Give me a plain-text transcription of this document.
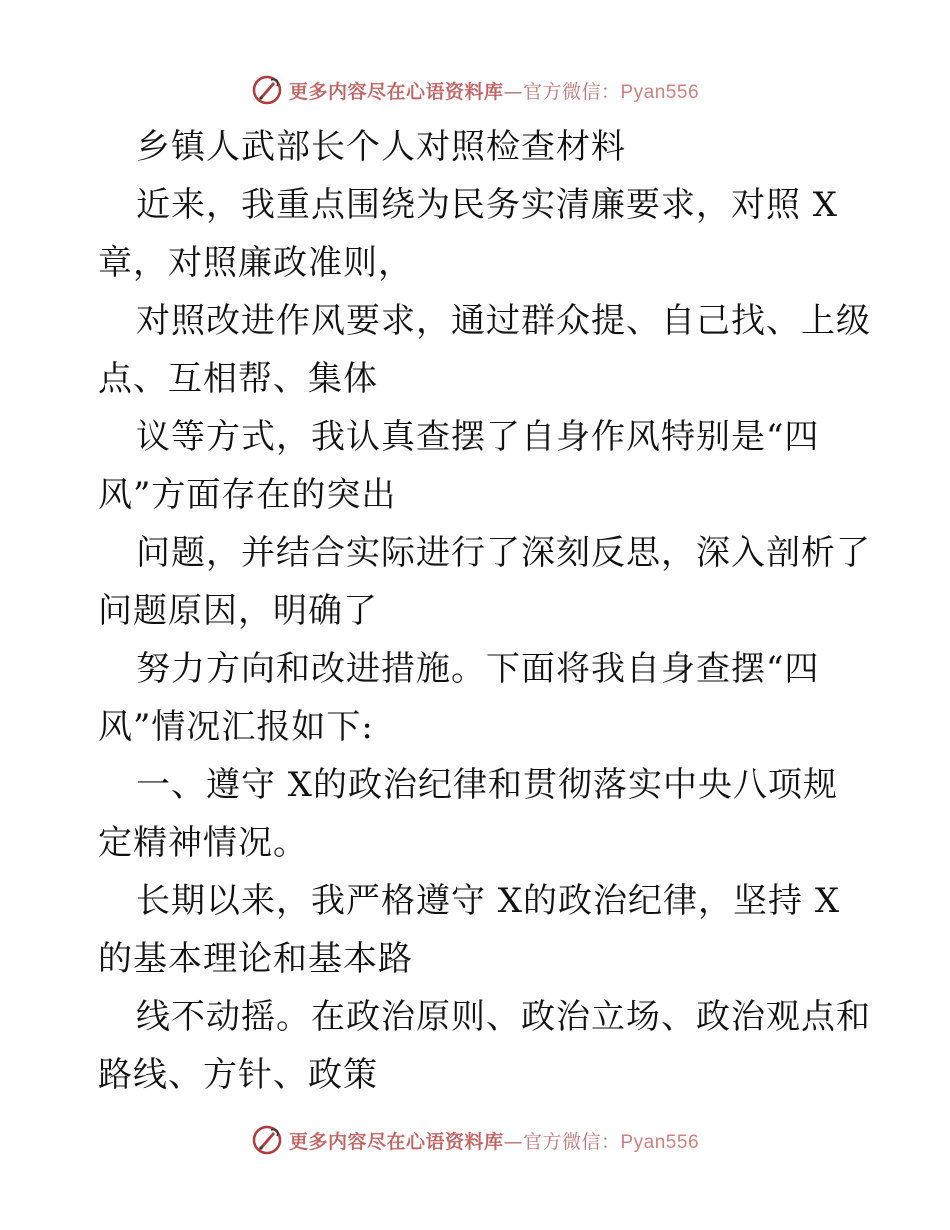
更多内容尽在心语资料库—官方微信：Pyan556
乡镇人武部长个人对照检查材料
近来，我重点围绕为民务实清廉要求，对照 X
章，对照廉政准则，
对照改进作风要求，通过群众提、自己找、上级
点、互相帮、集体
议等方式，我认真查摆了自身作风特别是“四
风”方面存在的突出
问题，并结合实际进行了深刻反思，深入剖析了
问题原因，明确了
努力方向和改进措施。下面将我自身查摆“四
风”情况汇报如下:
一、遵守 X的政治纪律和贯彻落实中央八项规
定精神情况。
长期以来，我严格遵守 X的政治纪律，坚持 X
的基本理论和基本路
线不动摇。在政治原则、政治立场、政治观点和
路线、方针、政策
更多内容尽在心语资料库—官方微信：Pyan556
